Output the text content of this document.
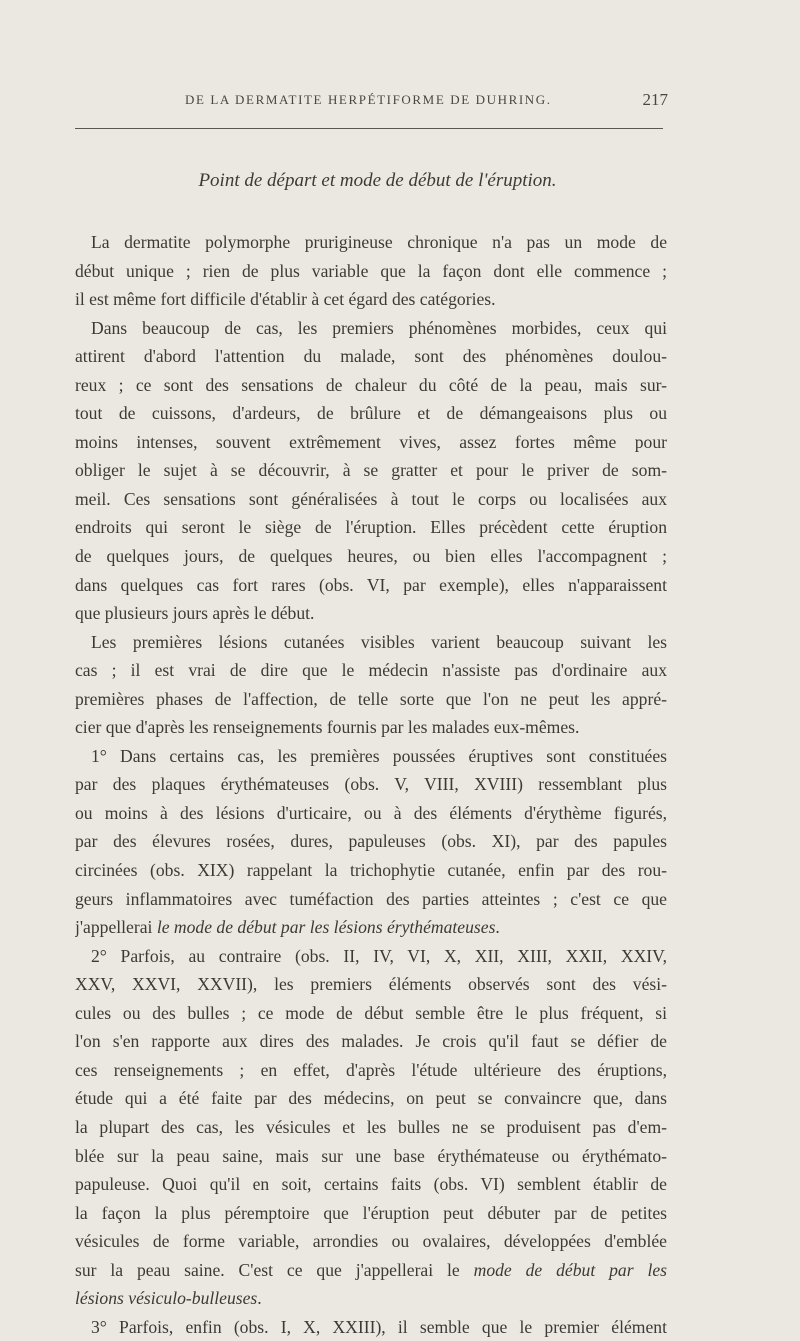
DE LA DERMATITE HERPÉTIFORME DE DUHRING.	217
Point de départ et mode de début de l'éruption.
La dermatite polymorphe prurigineuse chronique n'a pas un mode de
début unique ; rien de plus variable que la façon dont elle commence ;
il est même fort difficile d'établir à cet égard des catégories.
Dans beaucoup de cas, les premiers phénomènes morbides, ceux qui
attirent d'abord l'attention du malade, sont des phénomènes doulou-
reux ; ce sont des sensations de chaleur du côté de la peau, mais sur-
tout de cuissons, d'ardeurs, de brûlure et de démangeaisons plus ou
moins intenses, souvent extrêmement vives, assez fortes même pour
obliger le sujet à se découvrir, à se gratter et pour le priver de som-
meil. Ces sensations sont généralisées à tout le corps ou localisées aux
endroits qui seront le siège de l'éruption. Elles précèdent cette éruption
de quelques jours, de quelques heures, ou bien elles l'accompagnent ;
dans quelques cas fort rares (obs. VI, par exemple), elles n'apparaissent
que plusieurs jours après le début.
Les premières lésions cutanées visibles varient beaucoup suivant les
cas ; il est vrai de dire que le médecin n'assiste pas d'ordinaire aux
premières phases de l'affection, de telle sorte que l'on ne peut les appré-
cier que d'après les renseignements fournis par les malades eux-mêmes.
1° Dans certains cas, les premières poussées éruptives sont constituées
par des plaques érythémateuses (obs. V, VIII, XVIII) ressemblant plus
ou moins à des lésions d'urticaire, ou à des éléments d'érythème figurés,
par des élevures rosées, dures, papuleuses (obs. XI), par des papules
circinées (obs. XIX) rappelant la trichophytie cutanée, enfin par des rou-
geurs inflammatoires avec tuméfaction des parties atteintes ; c'est ce que
j'appellerai le mode de début par les lésions érythémateuses.
2° Parfois, au contraire (obs. II, IV, VI, X, XII, XIII, XXII, XXIV,
XXV, XXVI, XXVII), les premiers éléments observés sont des vési-
cules ou des bulles ; ce mode de début semble être le plus fréquent, si
l'on s'en rapporte aux dires des malades. Je crois qu'il faut se défier de
ces renseignements ; en effet, d'après l'étude ultérieure des éruptions,
étude qui a été faite par des médecins, on peut se convaincre que, dans
la plupart des cas, les vésicules et les bulles ne se produisent pas d'em-
blée sur la peau saine, mais sur une base érythémateuse ou érythémato-
papuleuse. Quoi qu'il en soit, certains faits (obs. VI) semblent établir de
la façon la plus péremptoire que l'éruption peut débuter par de petites
vésicules de forme variable, arrondies ou ovalaires, développées d'emblée
sur la peau saine. C'est ce que j'appellerai le mode de début par les
lésions vésiculo-bulleuses.
3° Parfois, enfin (obs. I, X, XXIII), il semble que le premier élément
